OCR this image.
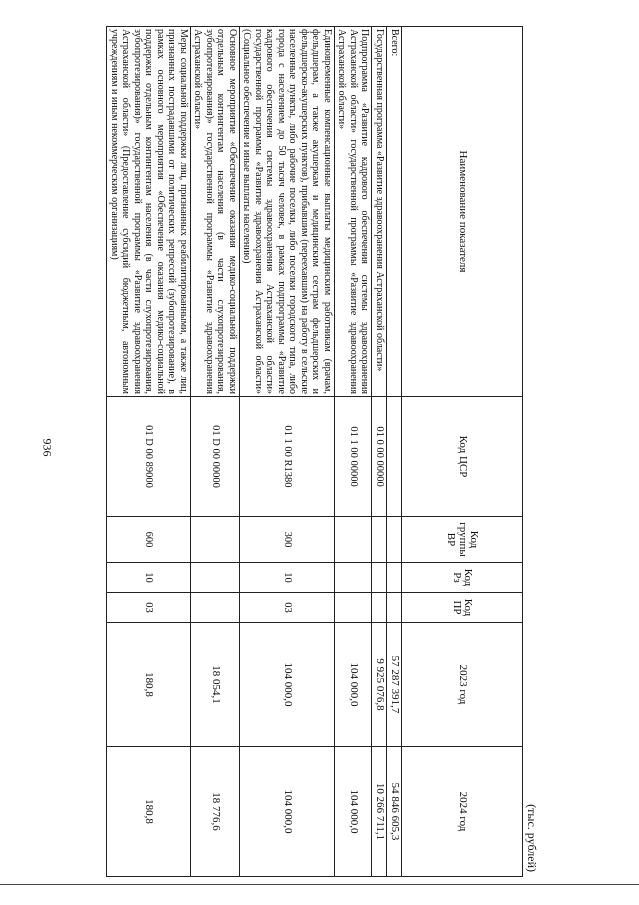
936
(тыс. рублей)
Наименование показателя	Код ЦСР	Код группы ВР	Код Рз	Код ПР	2023 год	2024 год
Всего:					57 287 391,7	54 846 605,3
Государственная программа «Развитие здравоохранения Астраханской области»	01 0 00 00000				9 925 076,8	10 266 711,1
Подпрограмма «Развитие кадрового обеспечения системы здравоохранения Астраханской области» государственной программы «Развитие здравоохранения Астраханской области»	01 1 00 00000				104 000,0	104 000,0
Единовременные компенсационные выплаты медицинским работникам (врачам, фельдшерам, а также акушеркам и медицинским сестрам фельдшерских и фельдшерско-акушерских пунктов), прибывшим (переехавшим) на работу в сельские населенные пункты, либо рабочие поселки, либо поселки городского типа, либо города с населением до 50 тысяч человек, в рамках подпрограммы «Развитие кадрового обеспечения системы здравоохранения Астраханской области» государственной программы «Развитие здравоохранения Астраханской области» (Социальное обеспечение и иные выплаты населению)	01 1 00 R1380	300	10	03	104 000,0	104 000,0
Основное мероприятие «Обеспечение оказания медико-социальной поддержки отдельным контингентам населения (в части слухопротезирования, зубопротезирования)» государственной программы «Развитие здравоохранения Астраханской области»	01 D 00 00000				18 054,1	18 776,6
Меры социальной поддержки лиц, признанных реабилитированными, а также лиц, признанных пострадавшими от политических репрессий (зубопротезирование), в рамках основного мероприятия «Обеспечение оказания медико-социальной поддержки отдельным контингентам населения (в части слухопротезирования, зубопротезирования)» государственной программы «Развитие здравоохранения Астраханской области» (Предоставление субсидий бюджетным, автономным учреждениям и иным некоммерческим организациям)	01 D 00 89000	600	10	03	180,8	180,8
